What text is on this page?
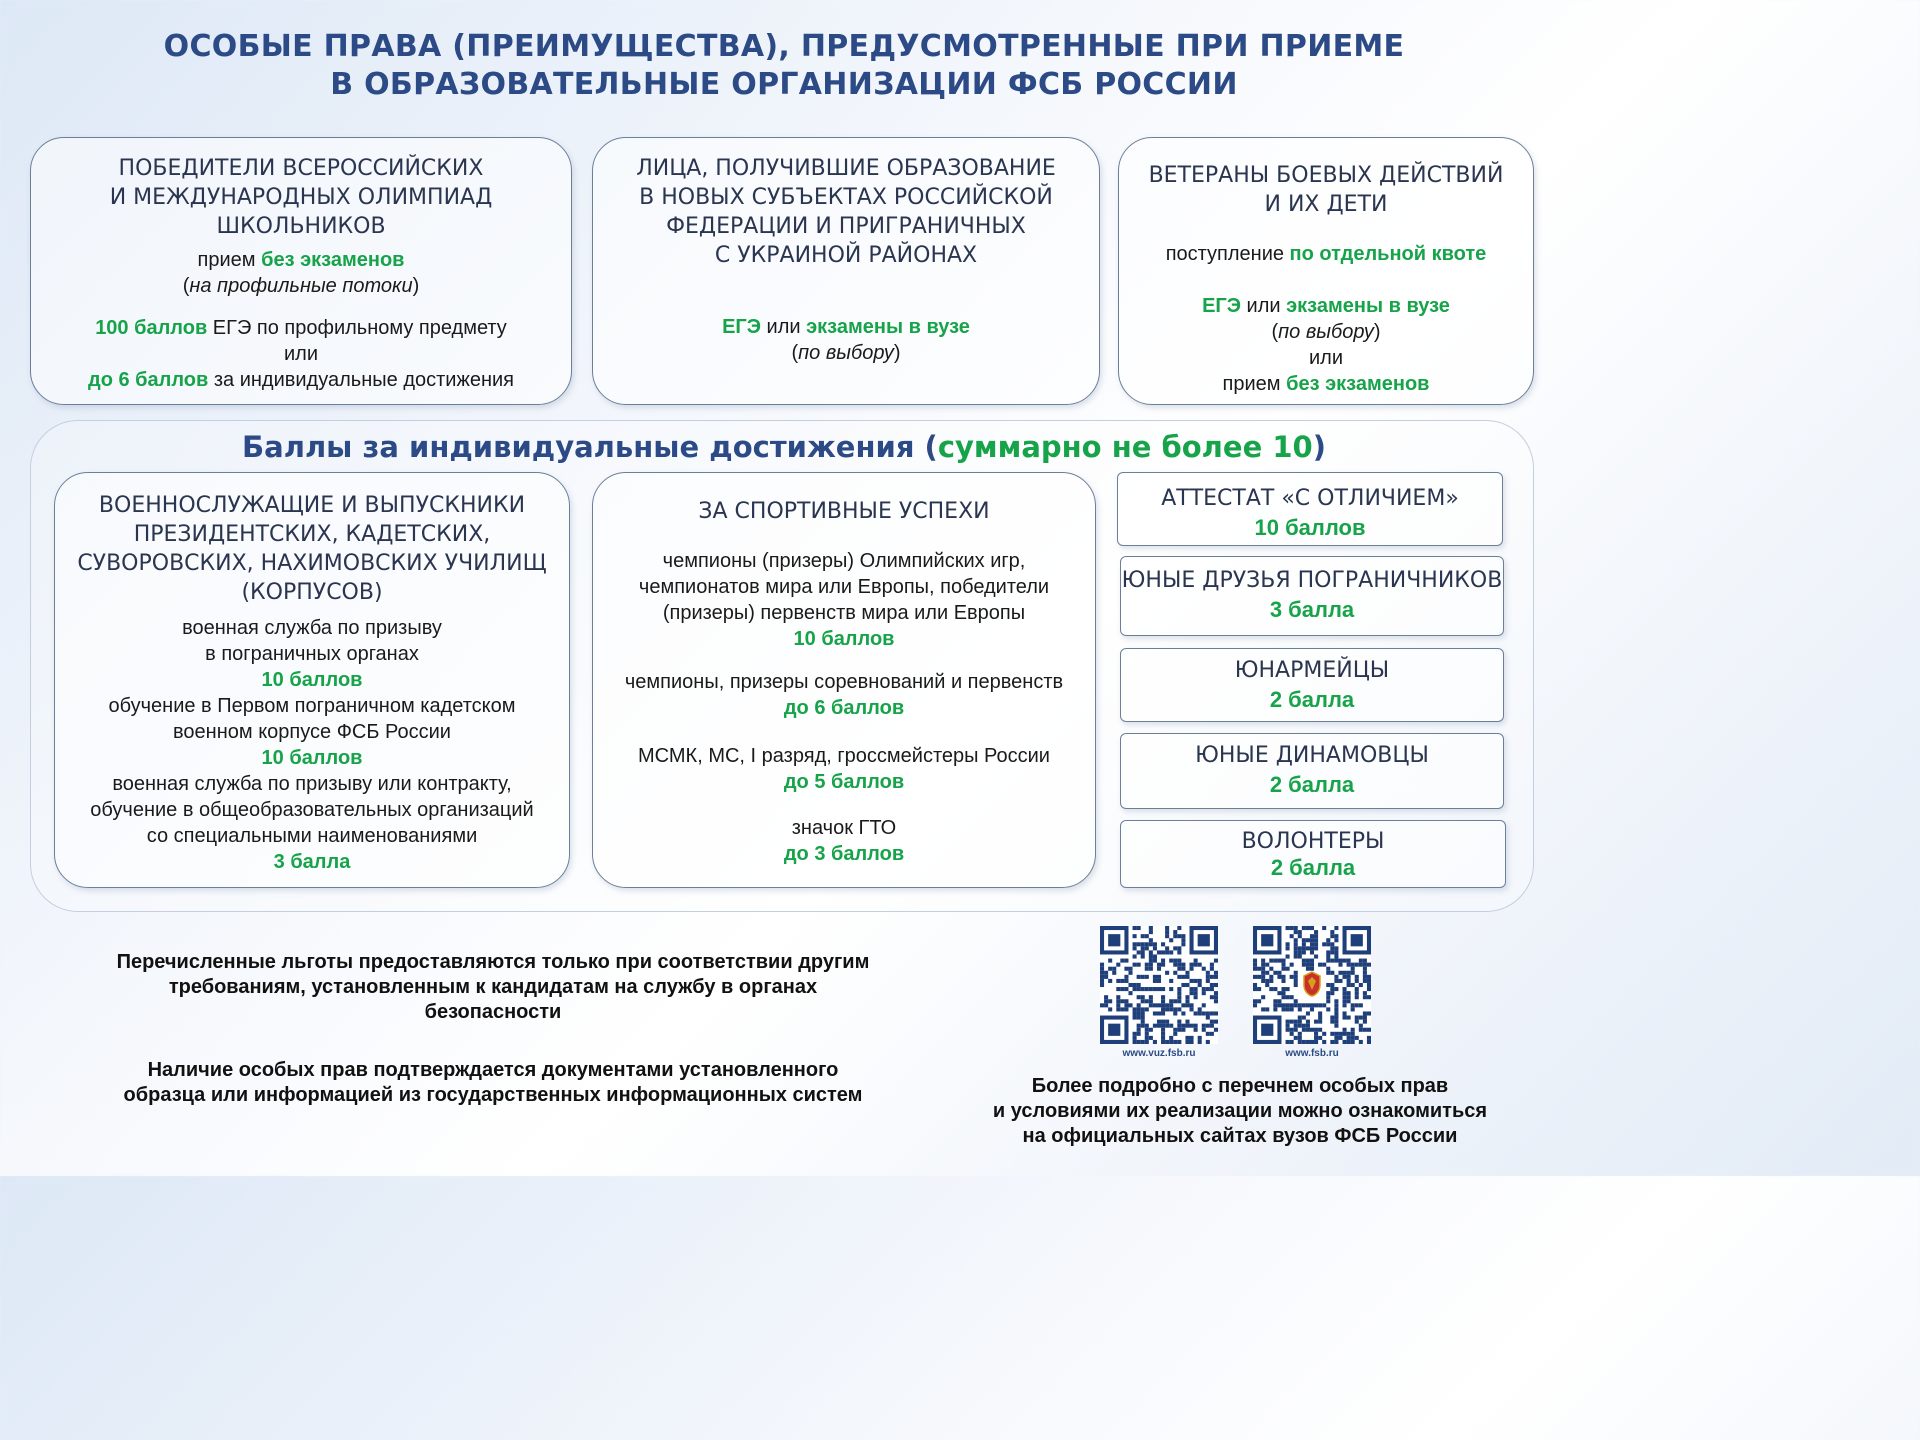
ОСОБЫЕ ПРАВА (ПРЕИМУЩЕСТВА), ПРЕДУСМОТРЕННЫЕ ПРИ ПРИЕМЕ
В ОБРАЗОВАТЕЛЬНЫЕ ОРГАНИЗАЦИИ ФСБ РОССИИ
ПОБЕДИТЕЛИ ВСЕРОССИЙСКИХ
И МЕЖДУНАРОДНЫХ ОЛИМПИАД
ШКОЛЬНИКОВ
прием без экзаменов
(на профильные потоки)
100 баллов ЕГЭ по профильному предмету
или
до 6 баллов за индивидуальные достижения
ЛИЦА, ПОЛУЧИВШИЕ ОБРАЗОВАНИЕ
В НОВЫХ СУБЪЕКТАХ РОССИЙСКОЙ
ФЕДЕРАЦИИ И ПРИГРАНИЧНЫХ
С УКРАИНОЙ РАЙОНАХ
ЕГЭ или экзамены в вузе
(по выбору)
ВЕТЕРАНЫ БОЕВЫХ ДЕЙСТВИЙ
И ИХ ДЕТИ
поступление по отдельной квоте
ЕГЭ или экзамены в вузе
(по выбору)
или
прием без экзаменов
Баллы за индивидуальные достижения (суммарно не более 10)
ВОЕННОСЛУЖАЩИЕ И ВЫПУСКНИКИ
ПРЕЗИДЕНТСКИХ, КАДЕТСКИХ,
СУВОРОВСКИХ, НАХИМОВСКИХ УЧИЛИЩ
(КОРПУСОВ)
военная служба по призыву
в пограничных органах
10 баллов
обучение в Первом пограничном кадетском
военном корпусе ФСБ России
10 баллов
военная служба по призыву или контракту,
обучение в общеобразовательных организаций
со специальными наименованиями
3 балла
ЗА СПОРТИВНЫЕ УСПЕХИ
чемпионы (призеры) Олимпийских игр,
чемпионатов мира или Европы, победители
(призеры) первенств мира или Европы
10 баллов
чемпионы, призеры соревнований и первенств
до 6 баллов
МСМК, МС, I разряд, гроссмейстеры России
до 5 баллов
значок ГТО
до 3 баллов
АТТЕСТАТ «С ОТЛИЧИЕМ»
10 баллов
ЮНЫЕ ДРУЗЬЯ ПОГРАНИЧНИКОВ
3 балла
ЮНАРМЕЙЦЫ
2 балла
ЮНЫЕ ДИНАМОВЦЫ
2 балла
ВОЛОНТЕРЫ
2 балла
Перечисленные льготы предоставляются только при соответствии другим
требованиям, установленным к кандидатам на службу в органах
безопасности
Наличие особых прав подтверждается документами установленного
образца или информацией из государственных информационных систем	Более подробно с перечнем особых прав
и условиями их реализации можно ознакомиться
на официальных сайтах вузов ФСБ России
www.vuz.fsb.ru	www.fsb.ru
